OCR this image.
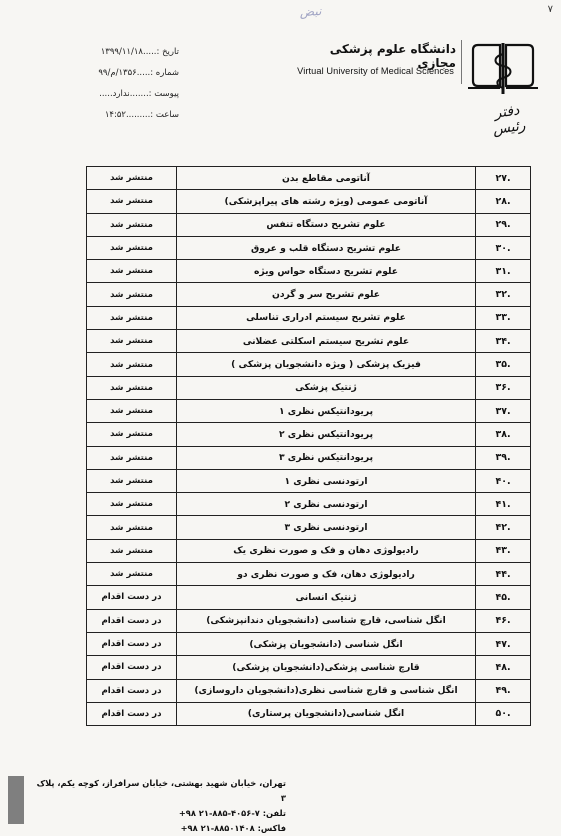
نبض	٧
تاریخ :.....۱۳۹۹/۱۱/۱۸
شماره :.....۱۳۵۶/م/۹۹
پیوست :.......ندارد.....
ساعت :.........۱۴:۵۲
دانشگاه علوم پزشکی مجازی
Virtual University of Medical Sciences
دفتر رئیس
منتشر شد	آناتومی مقاطع بدن	.۲۷
منتشر شد	آناتومی عمومی (ویژه رشته های پیراپزشکی)	.۲۸
منتشر شد	علوم تشریح دستگاه تنفس	.۲۹
منتشر شد	علوم تشریح دستگاه قلب و عروق	.۳۰
منتشر شد	علوم تشریح دستگاه حواس ویژه	.۳۱
منتشر شد	علوم تشریح سر و گردن	.۳۲
منتشر شد	علوم تشریح سیستم ادراری تناسلی	.۳۳
منتشر شد	علوم تشریح سیستم اسکلتی عضلانی	.۳۴
منتشر شد	فیزیک پزشکی ( ویژه دانشجویان پزشکی )	.۳۵
منتشر شد	ژنتیک پزشکی	.۳۶
منتشر شد	پریودانتیکس نظری ۱	.۳۷
منتشر شد	پریودانتیکس نظری ۲	.۳۸
منتشر شد	پریودانتیکس نظری ۳	.۳۹
منتشر شد	ارتودنسی نظری ۱	.۴۰
منتشر شد	ارتودنسی نظری ۲	.۴۱
منتشر شد	ارتودنسی نظری ۳	.۴۲
منتشر شد	رادیولوژی دهان و فک و صورت نظری یک	.۴۳
منتشر شد	رادیولوژی دهان، فک و صورت نظری دو	.۴۴
در دست اقدام	ژنتیک انسانی	.۴۵
در دست اقدام	انگل شناسی، قارچ شناسی (دانشجویان دندانپزشکی)	.۴۶
در دست اقدام	انگل شناسی (دانشجویان پزشکی)	.۴۷
در دست اقدام	قارچ شناسی پزشکی(دانشجویان پزشکی)	.۴۸
در دست اقدام	انگل شناسی و قارچ شناسی نظری(دانشجویان داروسازی)	.۴۹
در دست اقدام	انگل شناسی(دانشجویان پرستاری)	.۵۰
تهران، خیابان شهید بهشتی، خیابان سرافراز، کوچه یکم، پلاک ۳
تلفن: ۷-۴۰۵۶-۸۸۵-۲۱ ۹۸+
فاکس: ۸۸۵۰۱۴۰۸-۲۱ ۹۸+
